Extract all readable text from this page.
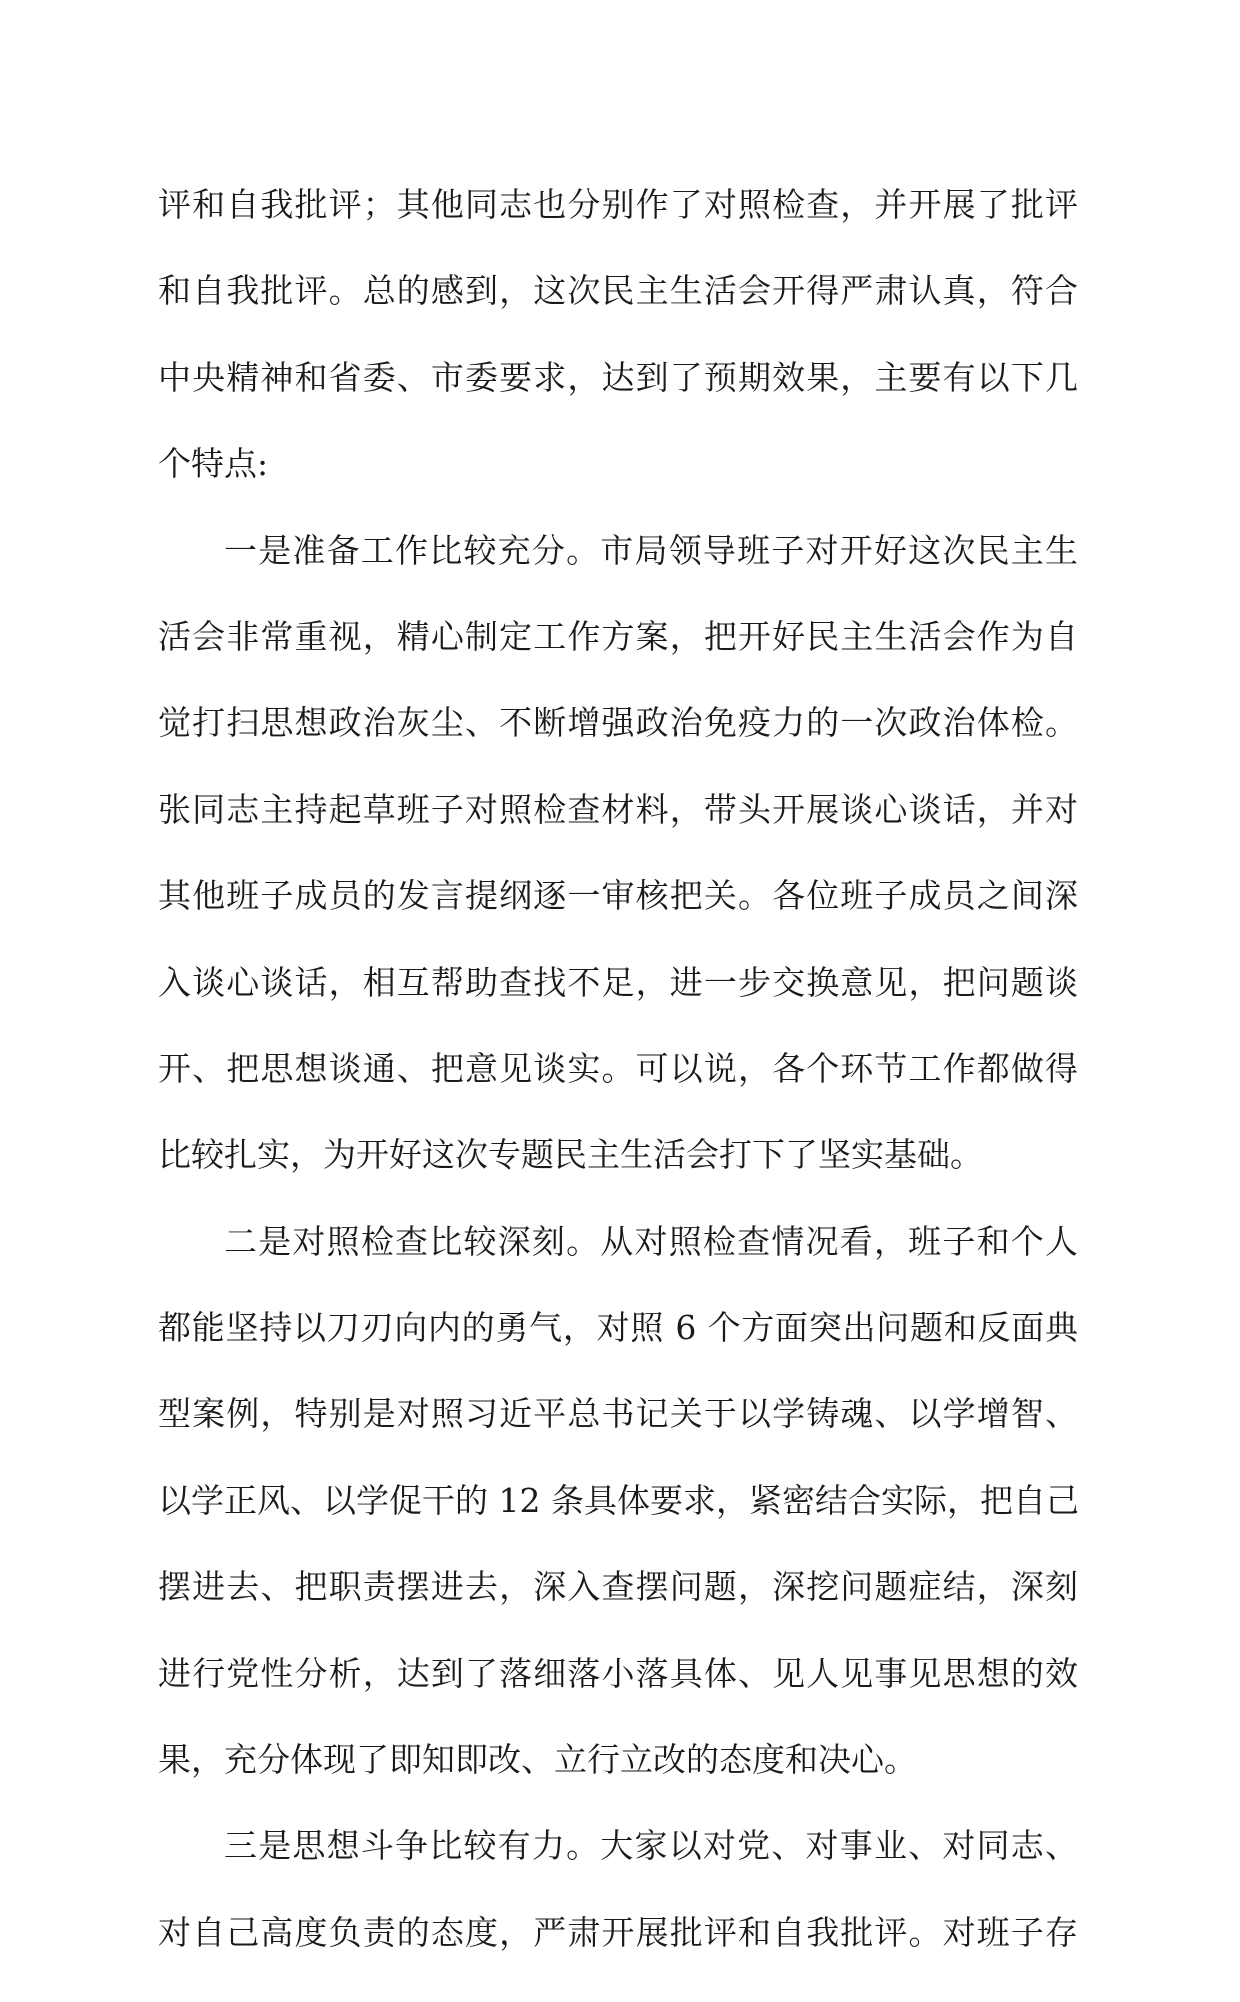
评和自我批评；其他同志也分别作了对照检查，并开展了批评
和自我批评。总的感到，这次民主生活会开得严肃认真，符合
中央精神和省委、市委要求，达到了预期效果，主要有以下几
个特点:
一是准备工作比较充分。市局领导班子对开好这次民主生
活会非常重视，精心制定工作方案，把开好民主生活会作为自
觉打扫思想政治灰尘、不断增强政治免疫力的一次政治体检。
张同志主持起草班子对照检查材料，带头开展谈心谈话，并对
其他班子成员的发言提纲逐一审核把关。各位班子成员之间深
入谈心谈话，相互帮助查找不足，进一步交换意见，把问题谈
开、把思想谈通、把意见谈实。可以说，各个环节工作都做得
比较扎实，为开好这次专题民主生活会打下了坚实基础。
二是对照检查比较深刻。从对照检查情况看，班子和个人
都能坚持以刀刃向内的勇气，对照 6 个方面突出问题和反面典
型案例，特别是对照习近平总书记关于以学铸魂、以学增智、
以学正风、以学促干的 12 条具体要求，紧密结合实际，把自己
摆进去、把职责摆进去，深入查摆问题，深挖问题症结，深刻
进行党性分析，达到了落细落小落具体、见人见事见思想的效
果，充分体现了即知即改、立行立改的态度和决心。
三是思想斗争比较有力。大家以对党、对事业、对同志、
对自己高度负责的态度，严肃开展批评和自我批评。对班子存
